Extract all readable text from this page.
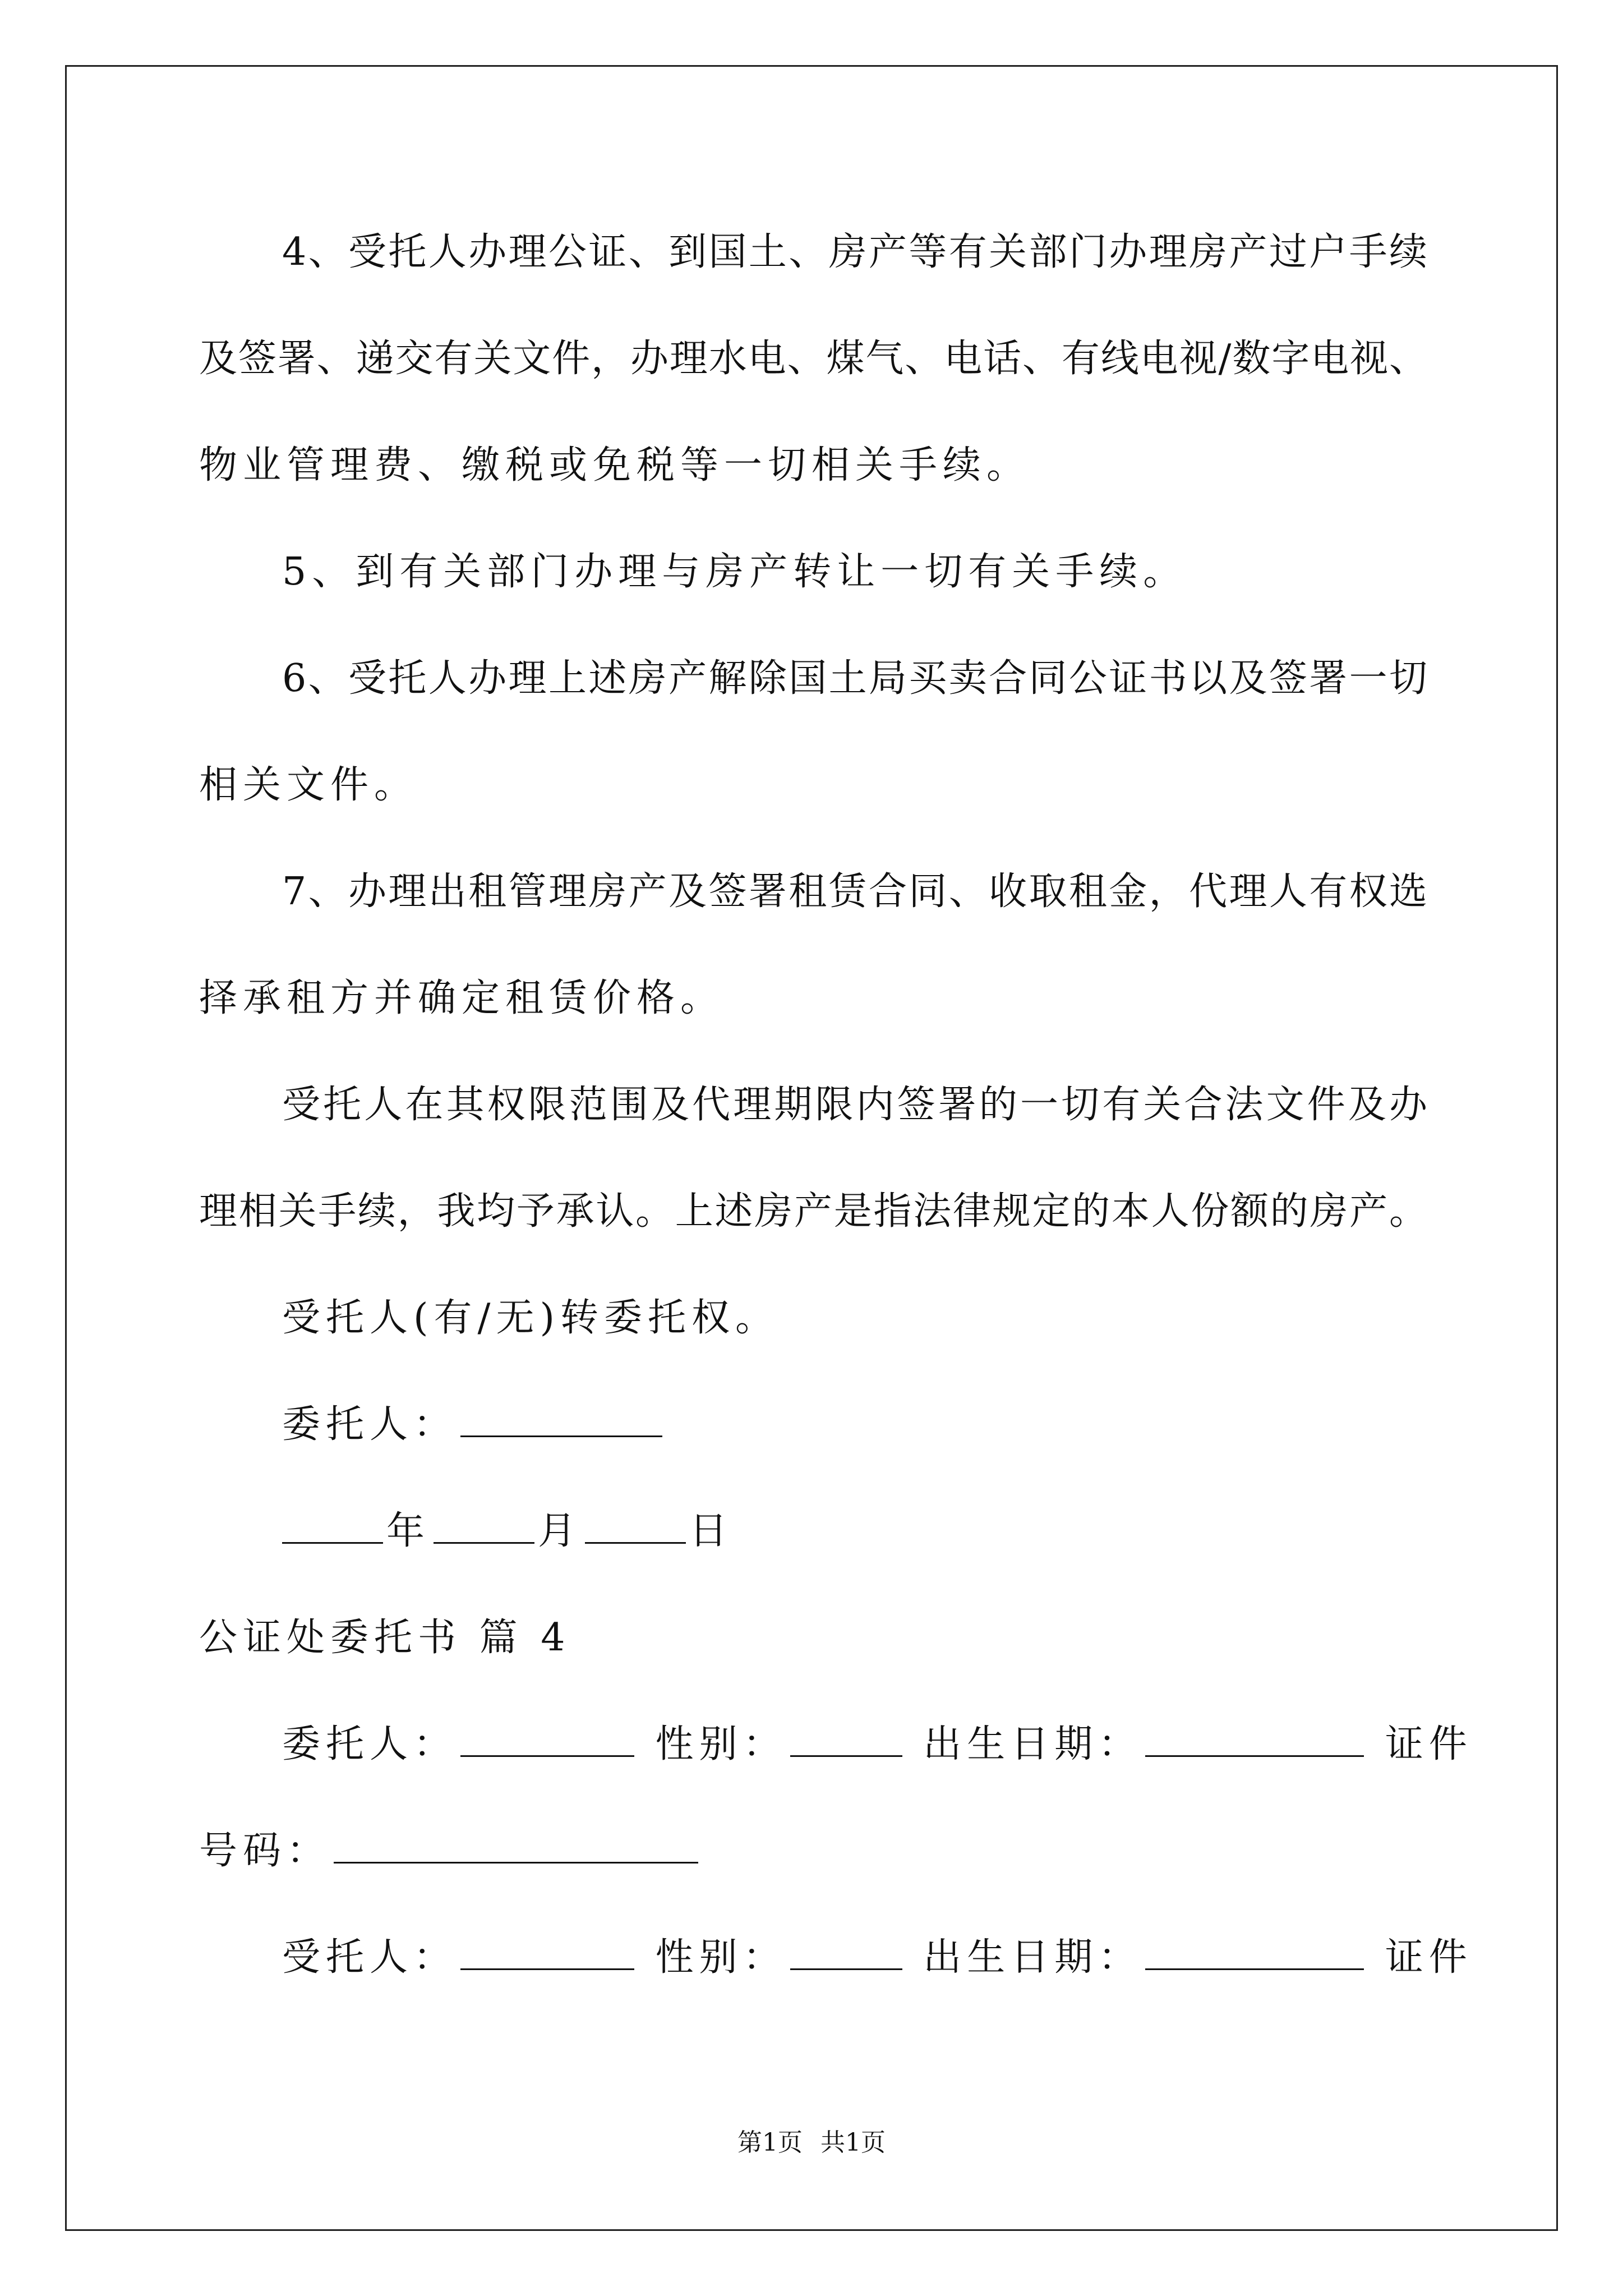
4、受托人办理公证、到国土、房产等有关部门办理房产过户手续
及签署、递交有关文件，办理水电、煤气、电话、有线电视/数字电视、
物业管理费、缴税或免税等一切相关手续。
5、到有关部门办理与房产转让一切有关手续。
6、受托人办理上述房产解除国土局买卖合同公证书以及签署一切
相关文件。
7、办理出租管理房产及签署租赁合同、收取租金，代理人有权选
择承租方并确定租赁价格。
受托人在其权限范围及代理期限内签署的一切有关合法文件及办
理相关手续，我均予承认。上述房产是指法律规定的本人份额的房产。
受托人(有/无)转委托权。
委托人：
年	月	日
公证处委托书 篇 4
委托人：	性别：	出生日期：	证件
号码：
受托人：	性别：	出生日期：	证件
第1页 共1页
